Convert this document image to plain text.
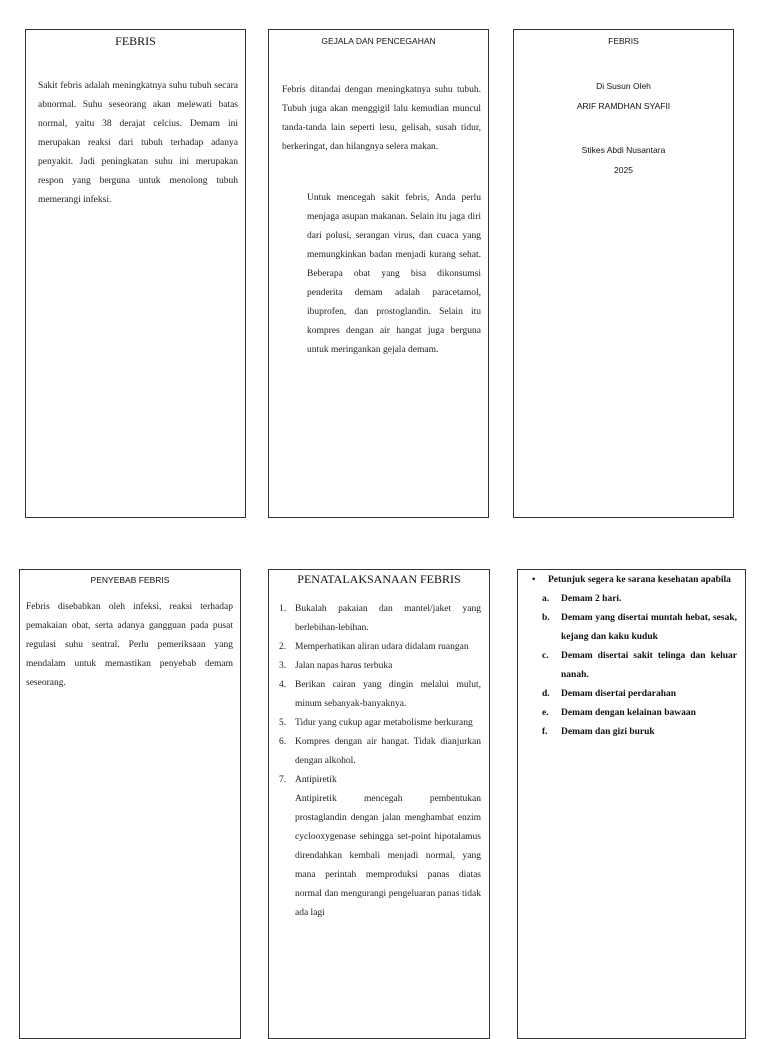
FEBRIS

Sakit febris adalah meningkatnya suhu tubuh secara abnormal. Suhu seseorang akan melewati batas normal, yaitu 38 derajat celcius. Demam ini merupakan reaksi dari tubuh terhadap adanya penyakit. Jadi peningkatan suhu ini merupakan respon yang berguna untuk menolong tubuh memerangi infeksi.

GEJALA DAN PENCEGAHAN

Febris ditandai dengan meningkatnya suhu tubuh. Tubuh juga akan menggigil lalu kemudian muncul tanda-tanda lain seperti lesu, gelisah, susah tidur, berkeringat, dan hilangnya selera makan.

Untuk mencegah sakit febris, Anda perlu menjaga asupan makanan. Selain itu jaga diri dari polusi, serangan virus, dan cuaca yang memungkinkan badan menjadi kurang sehat. Beberapa obat yang bisa dikonsumsi penderita demam adalah paracetamol, ibuprofen, dan prostoglandin. Selain itu kompres dengan air hangat juga berguna untuk meringankan gejala demam.

FEBRIS

Di Susun Oleh

ARIF RAMDHAN SYAFII

Stikes Abdi Nusantara

2025

PENYEBAB FEBRIS

Febris disebabkan oleh infeksi, reaksi terhadap pemakaian obat, serta adanya gangguan pada pusat regulasi suhu sentral. Perlu pemeriksaan yang mendalam untuk memastikan penyebab demam seseorang.

PENATALAKSANAAN FEBRIS

1. Bukalah pakaian dan mantel/jaket yang berlebihan-lebihan.
2. Memperhatikan aliran udara didalam ruangan
3. Jalan napas harus terbuka
4. Berikan cairan yang dingin melalui mulut, minum sebanyak-banyaknya.
5. Tidur yang cukup agar metabolisme berkurang
6. Kompres dengan air hangat. Tidak dianjurkan dengan alkohol.
7. Antipiretik

Antipiretik mencegah pembentukan prostaglandin dengan jalan menghambat enzim cyclooxygenase sehingga set-point hipotalamus direndahkan kembali menjadi normal, yang mana perintah memproduksi panas diatas normal dan mengurangi pengeluaran panas tidak ada lagi

• Petunjuk segera ke sarana kesehatan apabila
a. Demam 2 hari.
b. Demam yang disertai muntah hebat, sesak, kejang dan kaku kuduk
c. Demam disertai sakit telinga dan keluar nanah.
d. Demam disertai perdarahan
e. Demam dengan kelainan bawaan
f. Demam dan gizi buruk
